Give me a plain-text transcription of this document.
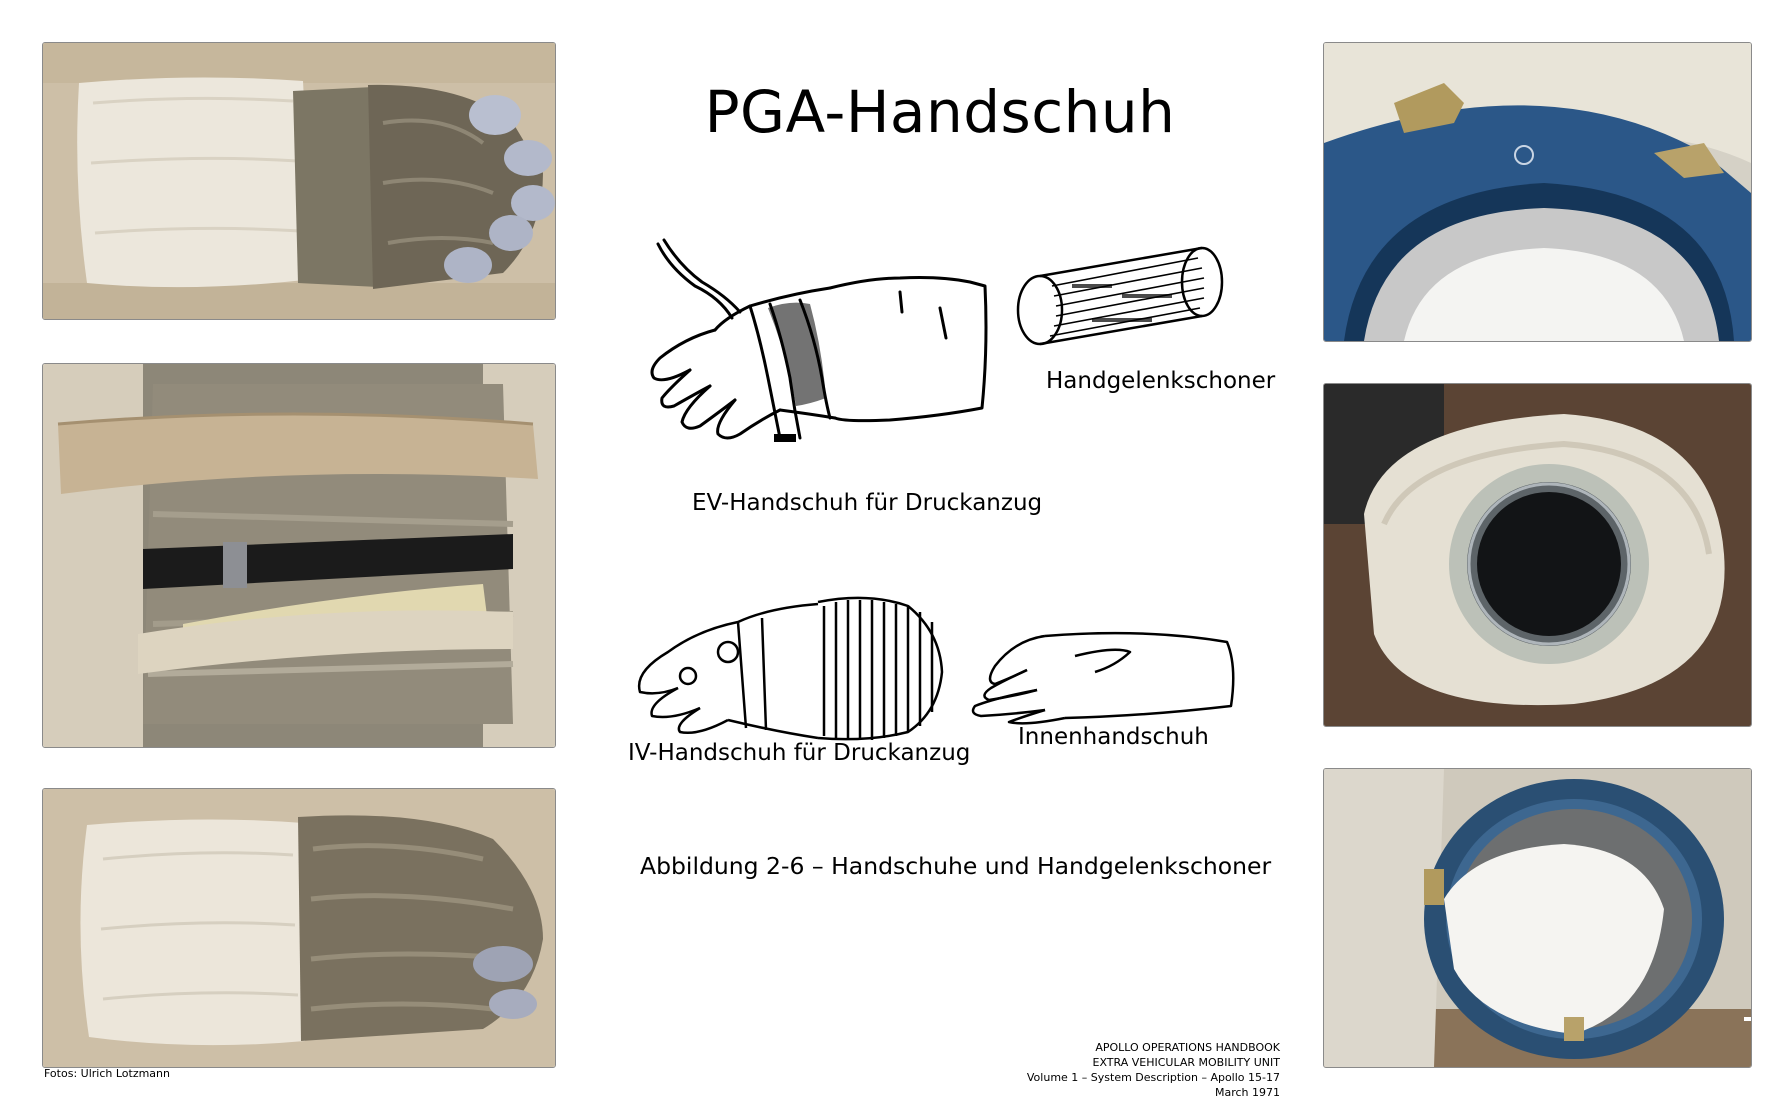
PGA-Handschuh
EV-Handschuh für Druckanzug
Handgelenkschoner
IV-Handschuh für Druckanzug
Innenhandschuh
Abbildung 2-6 – Handschuhe und Handgelenkschoner
Fotos: Ulrich Lotzmann
APOLLO OPERATIONS HANDBOOK
EXTRA VEHICULAR MOBILITY UNIT
Volume 1 – System Description – Apollo 15-17
March 1971
